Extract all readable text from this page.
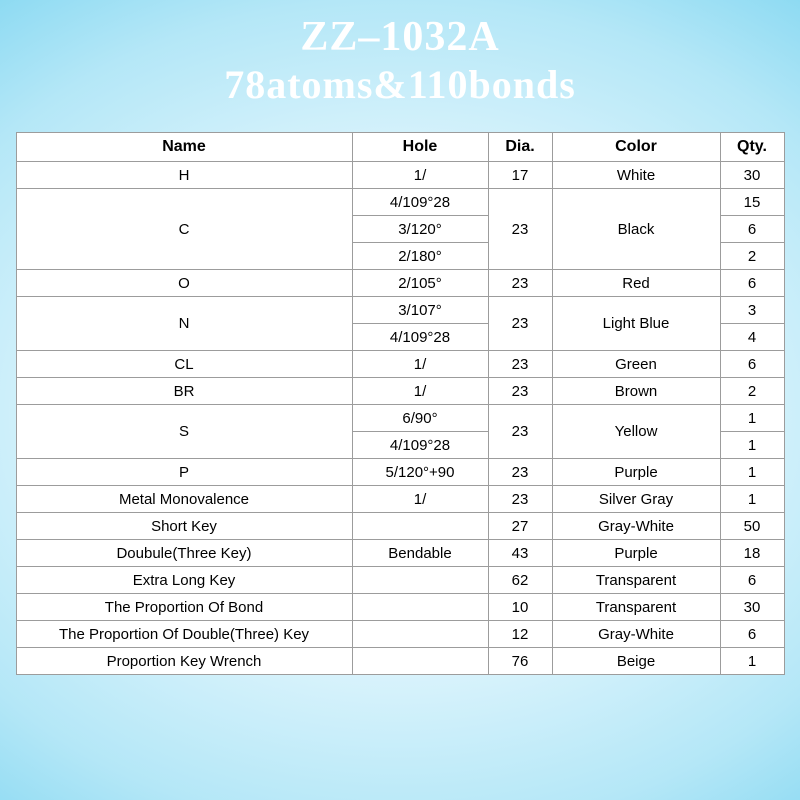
ZZ–1032A
78atoms&110bonds
Name	Hole	Dia.	Color	Qty.
H	1/	17	White	30
C	4/109°28	23	Black	15
	3/120°			6
	2/180°			2
O	2/105°	23	Red	6
N	3/107°	23	Light Blue	3
	4/109°28			4
CL	1/	23	Green	6
BR	1/	23	Brown	2
S	6/90°	23	Yellow	1
	4/109°28			1
P	5/120°+90	23	Purple	1
Metal Monovalence	1/	23	Silver Gray	1
Short Key		27	Gray-White	50
Doubule(Three Key)	Bendable	43	Purple	18
Extra Long Key		62	Transparent	6
The Proportion Of Bond		10	Transparent	30
The Proportion Of Double(Three) Key		12	Gray-White	6
Proportion Key Wrench		76	Beige	1
